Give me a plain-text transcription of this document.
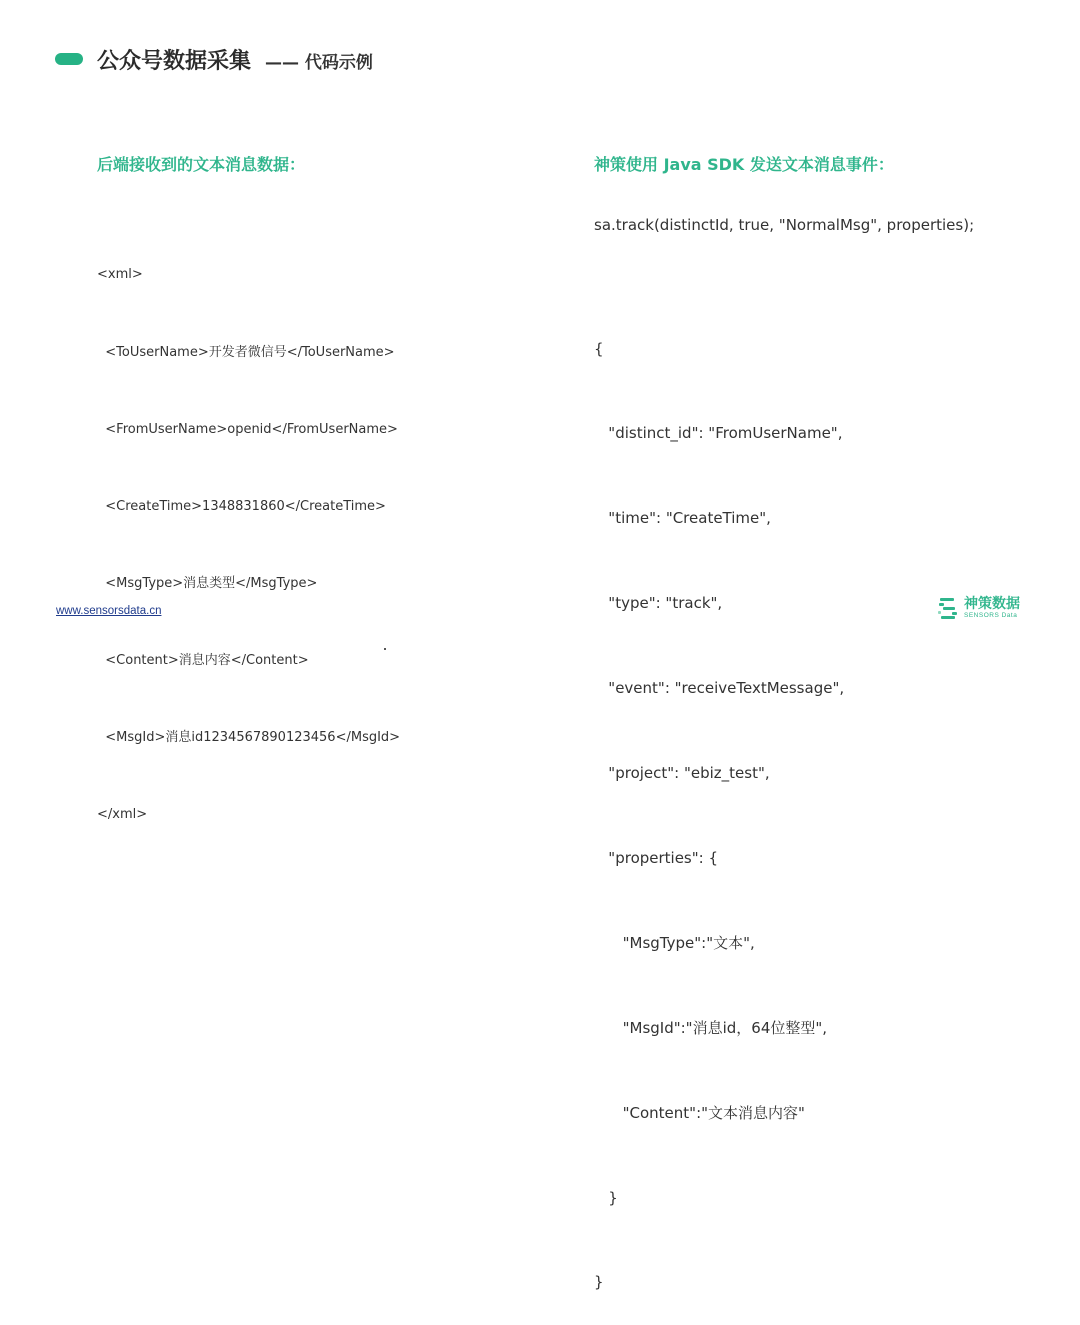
公众号数据采集 —— 代码示例
后端接收到的文本消息数据：	神策使用 Java SDK 发送文本消息事件：

<xml>

<ToUserName>开发者微信号</ToUserName>

<FromUserName>openid</FromUserName>

<CreateTime>1348831860</CreateTime>

<MsgType>消息类型</MsgType>

<Content>消息内容</Content>

<MsgId>消息id1234567890123456</MsgId>

</xml>

sa.track(distinctId, true, "NormalMsg", properties);

{

"distinct_id": "FromUserName",

"time": "CreateTime",

"type": "track",

"event": "receiveTextMessage",

"project": "ebiz_test",

"properties": {

"MsgType":"文本",

"MsgId":"消息id，64位整型",

"Content":"文本消息内容"

}

}

www.sensorsdata.cn	神策数据
SENSORS Data
